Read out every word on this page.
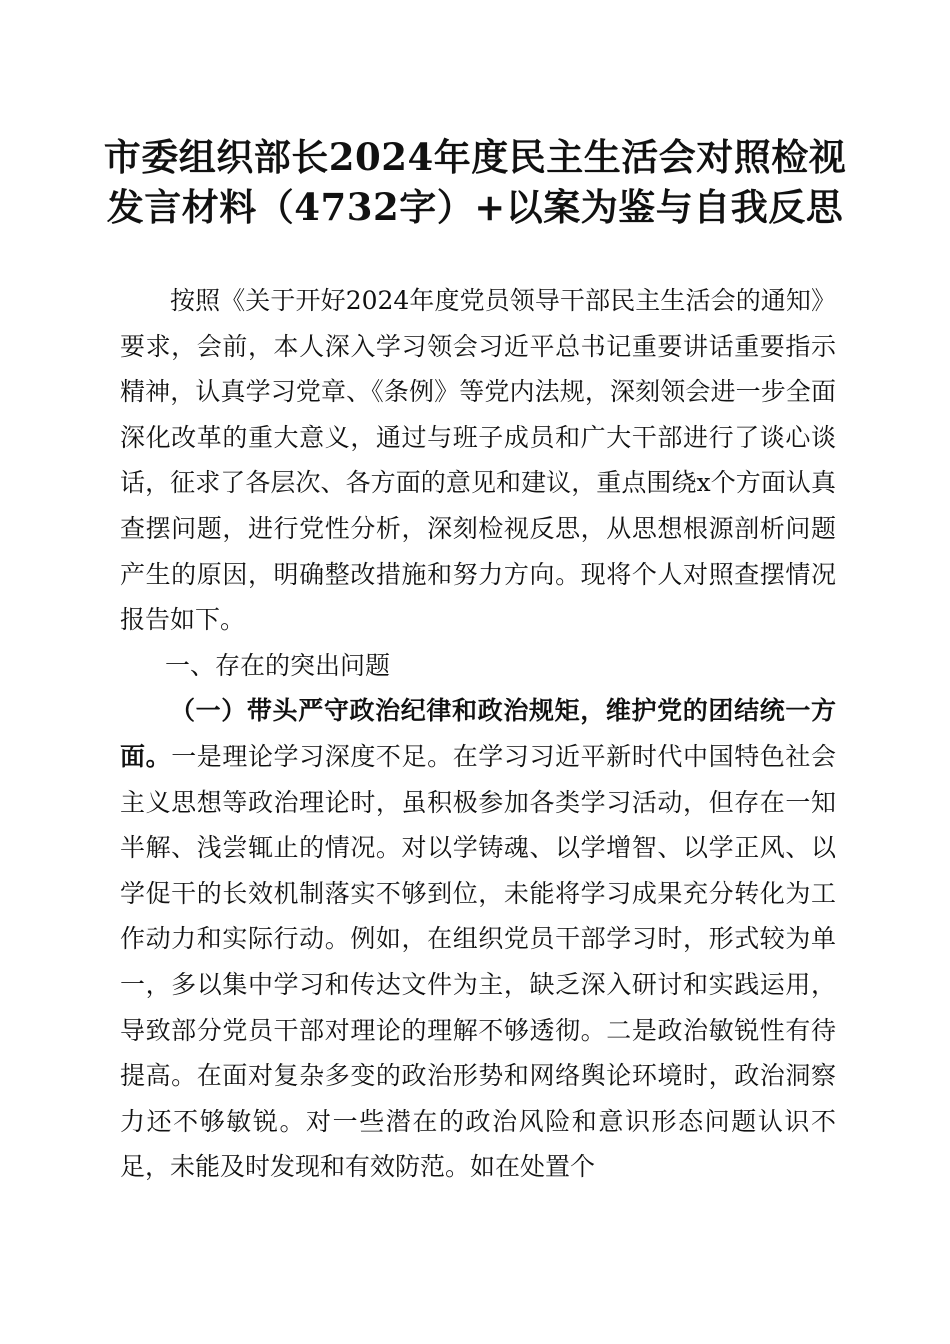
市委组织部长2024年度民主生活会对照检视
发言材料（4732字）+以案为鉴与自我反思

按照《关于开好2024年度党员领导干部民主生活会的通知》要求，会前，本人深入学习领会习近平总书记重要讲话重要指示精神，认真学习党章、《条例》等党内法规，深刻领会进一步全面深化改革的重大意义，通过与班子成员和广大干部进行了谈心谈话，征求了各层次、各方面的意见和建议，重点围绕x个方面认真查摆问题，进行党性分析，深刻检视反思，从思想根源剖析问题产生的原因，明确整改措施和努力方向。现将个人对照查摆情况报告如下。

一、存在的突出问题

（一）带头严守政治纪律和政治规矩，维护党的团结统一方面。一是理论学习深度不足。在学习习近平新时代中国特色社会主义思想等政治理论时，虽积极参加各类学习活动，但存在一知半解、浅尝辄止的情况。对以学铸魂、以学增智、以学正风、以学促干的长效机制落实不够到位，未能将学习成果充分转化为工作动力和实际行动。例如，在组织党员干部学习时，形式较为单一，多以集中学习和传达文件为主，缺乏深入研讨和实践运用，导致部分党员干部对理论的理解不够透彻。二是政治敏锐性有待提高。在面对复杂多变的政治形势和网络舆论环境时，政治洞察力还不够敏锐。对一些潜在的政治风险和意识形态问题认识不足，未能及时发现和有效防范。如在处置个
